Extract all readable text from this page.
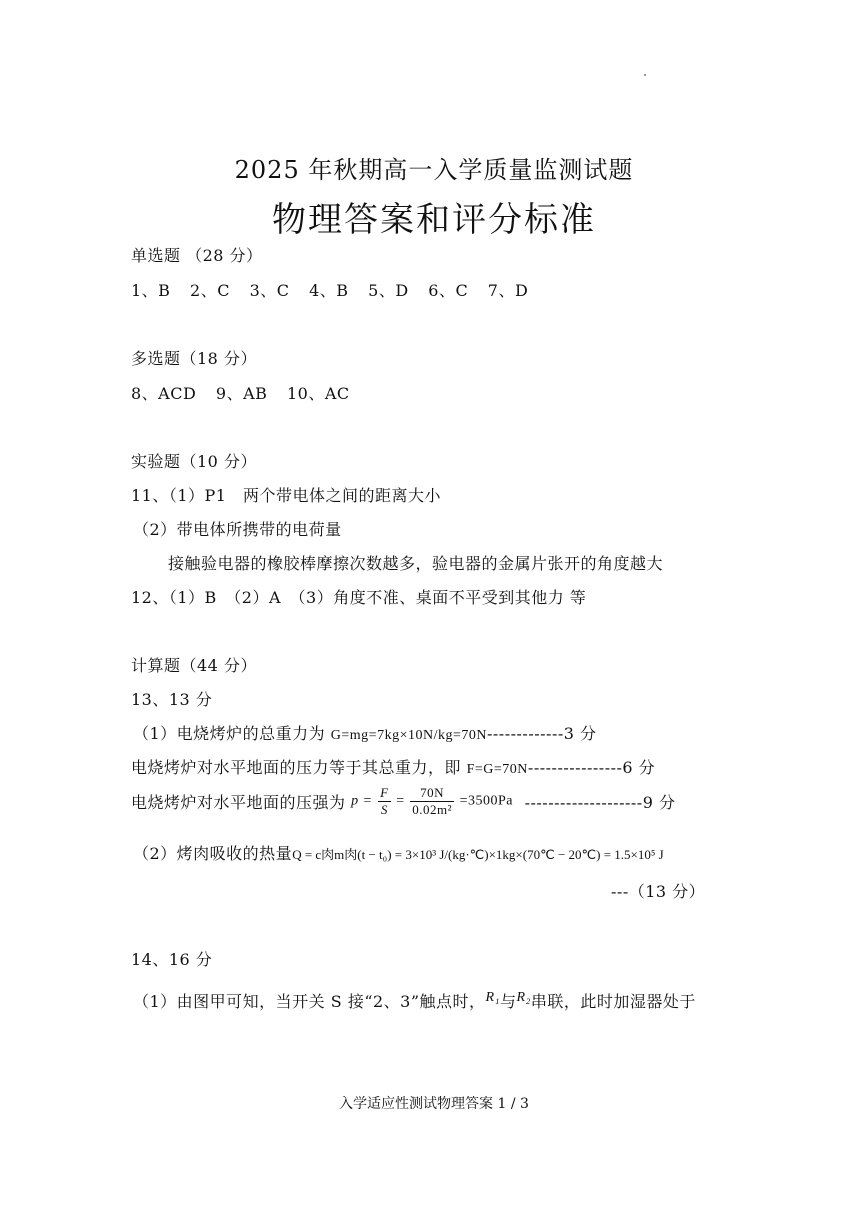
2025 年秋期高一入学质量监测试题
物理答案和评分标准
单选题 （28 分）
1、B 2、C 3、C 4、B 5、D 6、C 7、D
多选题（18 分）
8、ACD 9、AB 10、AC
实验题（10 分）
11、（1）P1　两个带电体之间的距离大小
（2）带电体所携带的电荷量
接触验电器的橡胶棒摩擦次数越多，验电器的金属片张开的角度越大
12、（1）B　（2）A　（3）角度不准、桌面不平受到其他力 等
计算题（44 分）
13、13 分
（1）电烧烤炉的总重力为 G=mg=7kg×10N/kg=70N-------------3 分
电烧烤炉对水平地面的压力等于其总重力，即 F=G=70N----------------6 分
电烧烤炉对水平地面的压强为 $p = \frac{F}{S} = \frac{70N}{\text{0.02m²}} =3500Pa$ --------------------9 分
（2）烤肉吸收的热量Q = c肉m肉(t − t₀) = 3×10³ J/(kg·℃)×1kg×(70℃ − 20℃) = 1.5×10⁵ J
---（13 分）
14、16 分
（1）由图甲可知，当开关 S 接“2、3”触点时，R₁与R₂串联，此时加湿器处于
入学适应性测试物理答案 1 / 3
